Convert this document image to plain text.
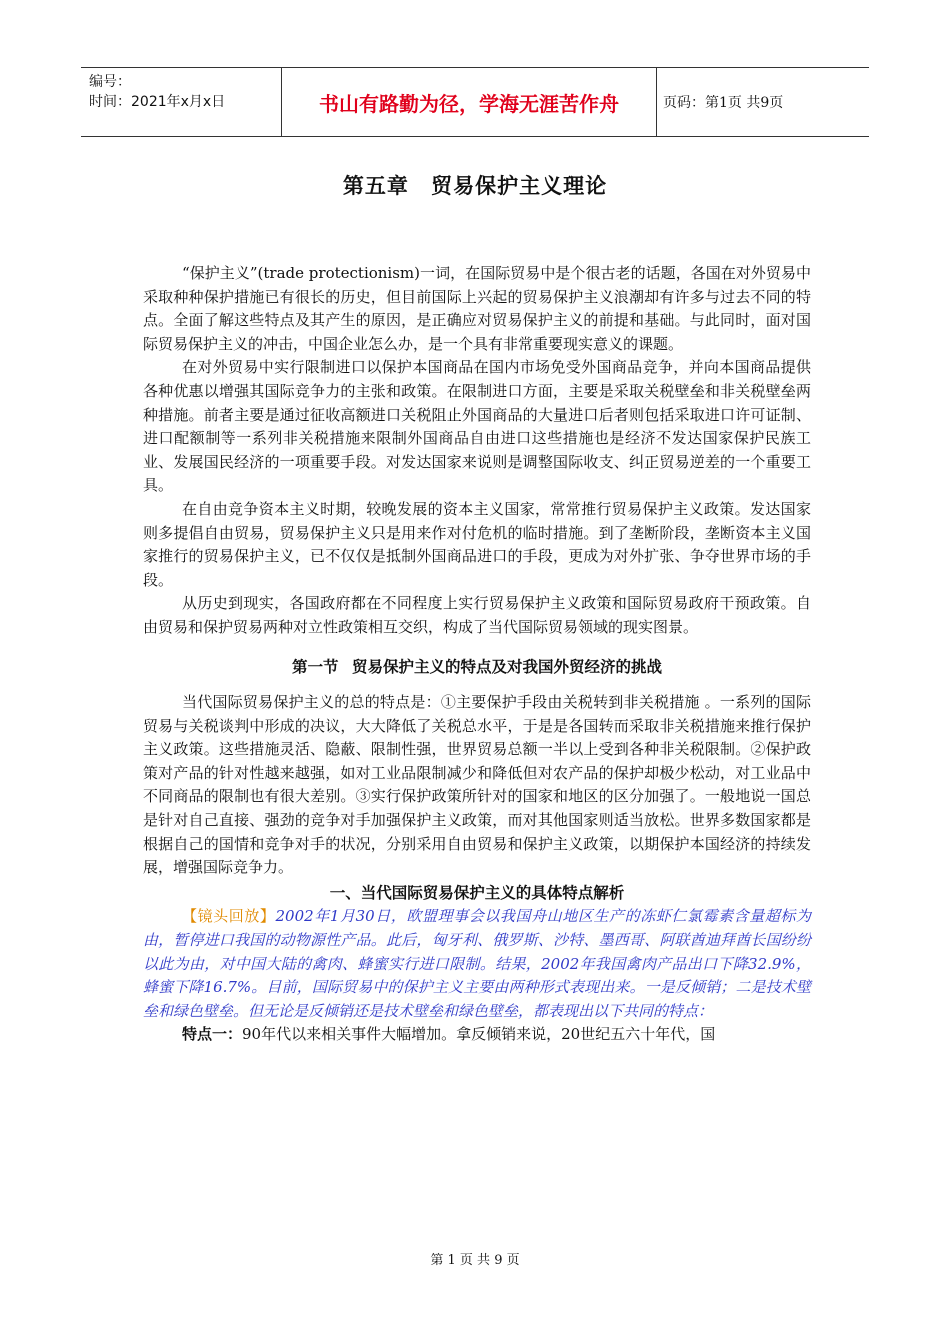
编号：
时间：2021年x月x日	书山有路勤为径，学海无涯苦作舟	页码：第1页 共9页
第五章 贸易保护主义理论

“保护主义”(trade protectionism)一词，在国际贸易中是个很古老的话题，各国在对外贸易中采取种种保护措施已有很长的历史，但目前国际上兴起的贸易保护主义浪潮却有许多与过去不同的特点。全面了解这些特点及其产生的原因，是正确应对贸易保护主义的前提和基础。与此同时，面对国际贸易保护主义的冲击，中国企业怎么办，是一个具有非常重要现实意义的课题。

在对外贸易中实行限制进口以保护本国商品在国内市场免受外国商品竞争，并向本国商品提供各种优惠以增强其国际竞争力的主张和政策。在限制进口方面，主要是采取关税壁垒和非关税壁垒两种措施。前者主要是通过征收高额进口关税阻止外国商品的大量进口后者则包括采取进口许可证制、进口配额制等一系列非关税措施来限制外国商品自由进口这些措施也是经济不发达国家保护民族工业、发展国民经济的一项重要手段。对发达国家来说则是调整国际收支、纠正贸易逆差的一个重要工具。

在自由竞争资本主义时期，较晚发展的资本主义国家，常常推行贸易保护主义政策。发达国家则多提倡自由贸易，贸易保护主义只是用来作对付危机的临时措施。到了垄断阶段，垄断资本主义国家推行的贸易保护主义，已不仅仅是抵制外国商品进口的手段，更成为对外扩张、争夺世界市场的手段。

从历史到现实，各国政府都在不同程度上实行贸易保护主义政策和国际贸易政府干预政策。自由贸易和保护贸易两种对立性政策相互交织，构成了当代国际贸易领域的现实图景。

第一节 贸易保护主义的特点及对我国外贸经济的挑战

当代国际贸易保护主义的总的特点是：①主要保护手段由关税转到非关税措施 。一系列的国际贸易与关税谈判中形成的决议，大大降低了关税总水平，于是是各国转而采取非关税措施来推行保护主义政策。这些措施灵活、隐蔽、限制性强，世界贸易总额一半以上受到各种非关税限制。②保护政策对产品的针对性越来越强，如对工业品限制减少和降低但对农产品的保护却极少松动，对工业品中不同商品的限制也有很大差别。③实行保护政策所针对的国家和地区的区分加强了。一般地说一国总是针对自己直接、强劲的竞争对手加强保护主义政策，而对其他国家则适当放松。世界多数国家都是根据自己的国情和竞争对手的状况，分别采用自由贸易和保护主义政策，以期保护本国经济的持续发展，增强国际竞争力。

一、当代国际贸易保护主义的具体特点解析

【镜头回放】2002年1月30日，欧盟理事会以我国舟山地区生产的冻虾仁氯霉素含量超标为由，暂停进口我国的动物源性产品。此后，匈牙利、俄罗斯、沙特、墨西哥、阿联酋迪拜酋长国纷纷以此为由，对中国大陆的禽肉、蜂蜜实行进口限制。结果，2002年我国禽肉产品出口下降32.9%，蜂蜜下降16.7%。目前，国际贸易中的保护主义主要由两种形式表现出来。一是反倾销；二是技术壁垒和绿色壁垒。但无论是反倾销还是技术壁垒和绿色壁垒，都表现出以下共同的特点：

特点一：90年代以来相关事件大幅增加。拿反倾销来说，20世纪五六十年代，国

第 1 页 共 9 页
